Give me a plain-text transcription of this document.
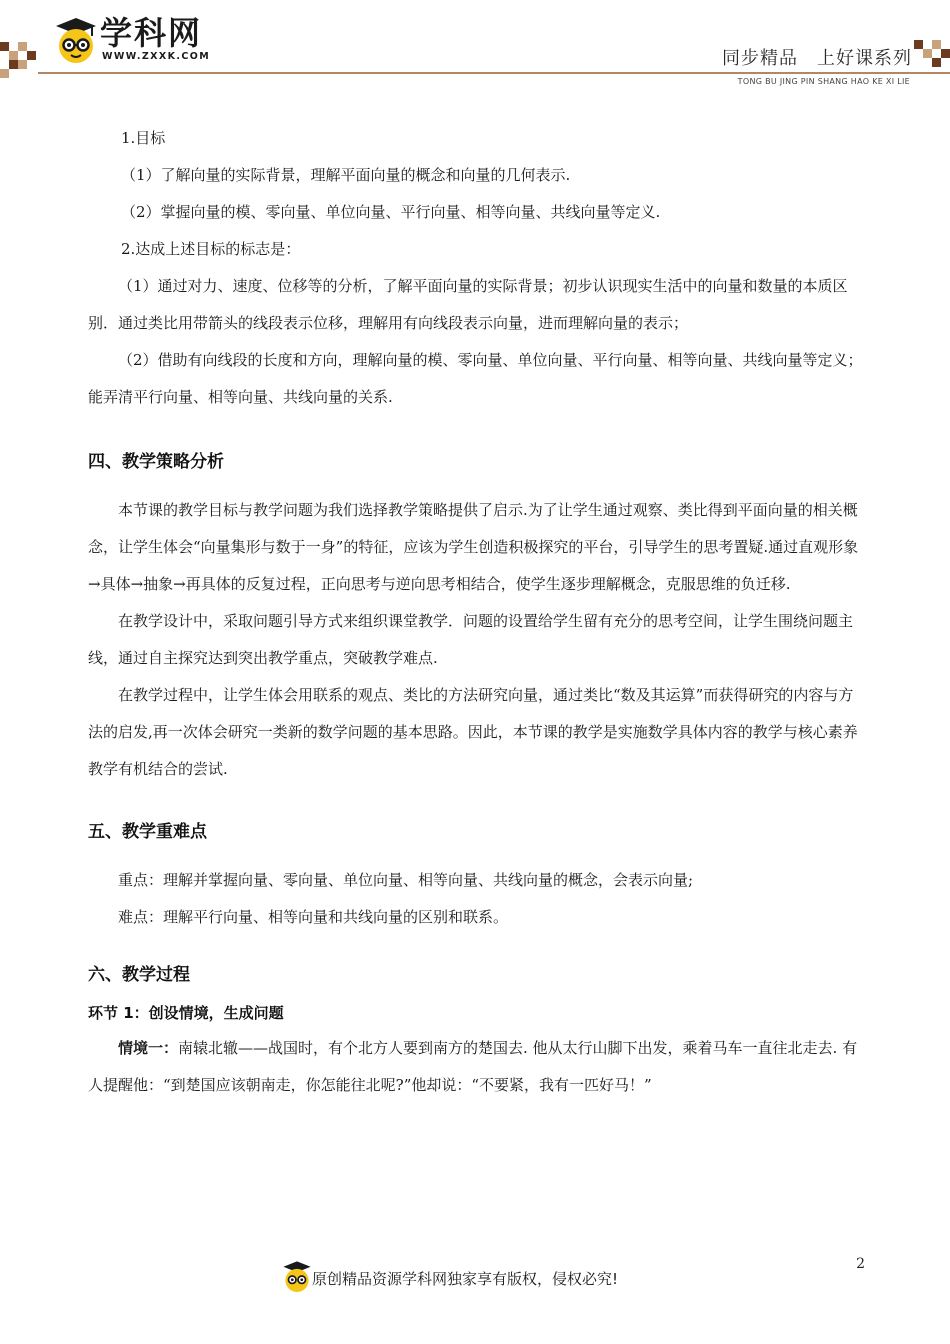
学科网
WWW.ZXXK.COM	同步精品　上好课系列
TONG BU JING PIN SHANG HAO KE XI LIE

1.目标

（1）了解向量的实际背景，理解平面向量的概念和向量的几何表示.

（2）掌握向量的模、零向量、单位向量、平行向量、相等向量、共线向量等定义.

2.达成上述目标的标志是：

（1）通过对力、速度、位移等的分析，了解平面向量的实际背景；初步认识现实生活中的向量和数量的本质区别．通过类比用带箭头的线段表示位移，理解用有向线段表示向量，进而理解向量的表示；

（2）借助有向线段的长度和方向，理解向量的模、零向量、单位向量、平行向量、相等向量、共线向量等定义；能弄清平行向量、相等向量、共线向量的关系.

四、教学策略分析

本节课的教学目标与教学问题为我们选择教学策略提供了启示.为了让学生通过观察、类比得到平面向量的相关概念，让学生体会“向量集形与数于一身”的特征，应该为学生创造积极探究的平台，引导学生的思考置疑.通过直观形象→具体→抽象→再具体的反复过程，正向思考与逆向思考相结合，使学生逐步理解概念，克服思维的负迁移.

在教学设计中，采取问题引导方式来组织课堂教学．问题的设置给学生留有充分的思考空间，让学生围绕问题主线，通过自主探究达到突出教学重点，突破教学难点.

在教学过程中，让学生体会用联系的观点、类比的方法研究向量，通过类比“数及其运算”而获得研究的内容与方法的启发,再一次体会研究一类新的数学问题的基本思路。因此，本节课的教学是实施数学具体内容的教学与核心素养教学有机结合的尝试.

五、教学重难点

重点：理解并掌握向量、零向量、单位向量、相等向量、共线向量的概念，会表示向量;

难点：理解平行向量、相等向量和共线向量的区别和联系。

六、教学过程

环节 1：创设情境，生成问题

情境一：南辕北辙——战国时，有个北方人要到南方的楚国去. 他从太行山脚下出发，乘着马车一直往北走去. 有人提醒他：“到楚国应该朝南走，你怎能往北呢?”他却说：“不要紧，我有一匹好马！”

原创精品资源学科网独家享有版权，侵权必究!
2
